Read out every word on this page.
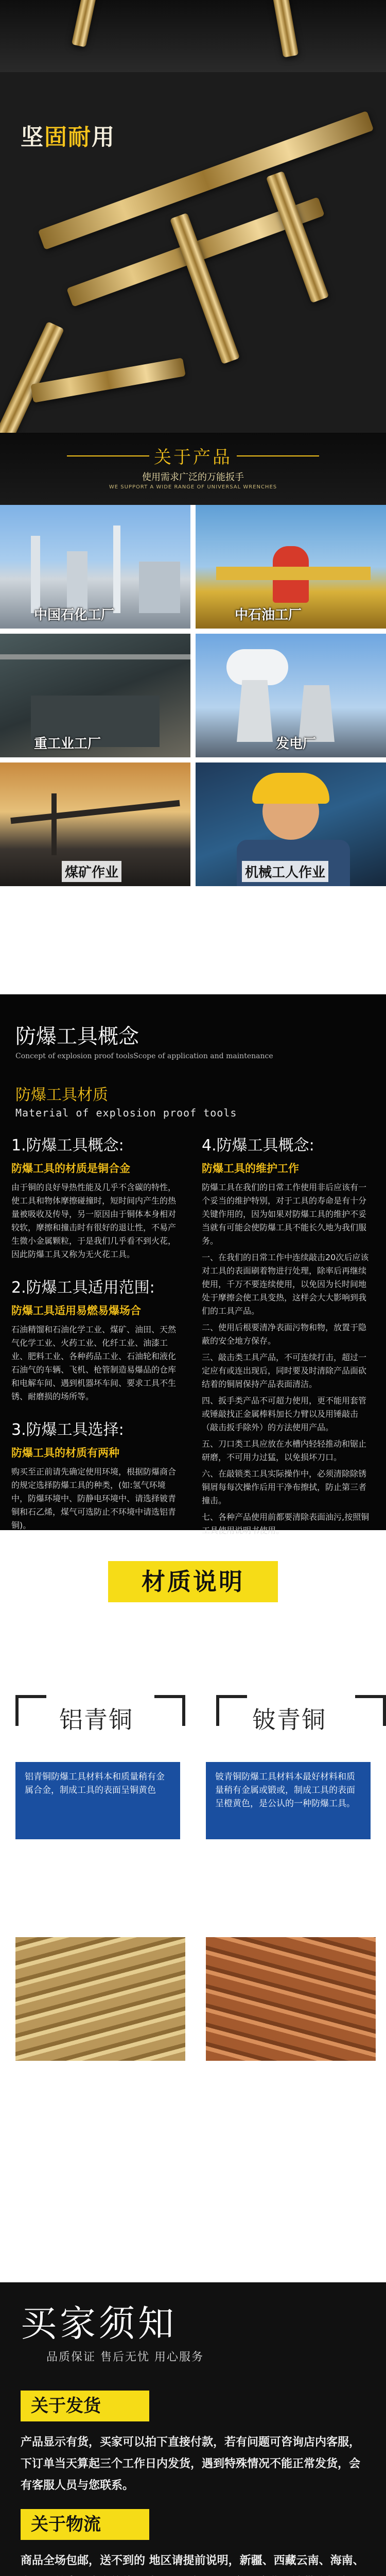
坚固耐用
关于产品
使用需求广泛的万能扳手
WE SUPPORT A WIDE RANGE OF UNIVERSAL WRENCHES
中国石化工厂	中石油工厂
重工业工厂	发电厂
煤矿作业	机械工人作业
防爆工具概念
Concept of explosion proof toolsScope of application and maintenance
防爆工具材质
Material of explosion proof tools
1.防爆工具概念:
防爆工具的材质是铜合金
由于铜的良好导热性能及几乎不含碳的特性，使工具和物体摩擦碰撞时，短时间内产生的热量被吸收及传导，另一原因由于铜体本身相对较软，摩擦和撞击时有很好的退让性，不易产生微小金属颗粒，于是我们几乎看不到火花，因此防爆工具又称为无火花工具。
2.防爆工具适用范围:
防爆工具适用易燃易爆场合
石油精馏和石油化学工业、煤矿、油田、天然气化学工业、火药工业、化纤工业、油漆工业、肥料工业、各种药品工业、石油轮和液化石油气的车辆、飞机、枪管制造易爆品的仓库和电解车间、遇到机器坏车间、要求工具不生锈、耐磨损的场所等。
3.防爆工具选择:
防爆工具的材质有两种
购买至正前请先确定使用环境，根据防爆商合的规定选择防爆工具的种类，(如:氢气环境中，防爆环境中、防静电环境中、请选择铍青铜和石乙烯，煤气可选防止不环境中请选铝青铜)。
4.防爆工具概念:
防爆工具的维护工作
防爆工具在我们的日常工作使用非后应该有一个妥当的维护特别，对于工具的寿命是有十分关键作用的，因为如果对防爆工具的维护不妥当就有可能会使防爆工具不能长久地为我们服务。
一、在我们的日常工作中连续敲击20次后应该对工具的表面刷着物进行处理，除率后再继续使用，千万不要连续使用，以免因为长时间地处于摩擦会使工具变热，这样会大大影响到我们的工具产品。
二、使用后根要清净表面污物和物，放置于隐蔽的安全地方保存。
三、敲击类工具产品，不可连续打击，超过一定应有或连出现后，同时要及时清除产品面砍结着的铜屑保持产品表面清洁。
四、扳手类产品不可超力使用，更不能用套管或锤敲找正金属棒料加长力臂以及用锤敲击（敲击扳手除外）的方法使用产品。
五、刀口类工具应放在水槽内轻轻推动和锯止研磨，不可用力过猛，以免损坏刀口。
六、在敲锁类工具实际操作中，必须清除除锈铜屑每每次操作后用干净布擦拭，防止第三者撞击。
七、各种产品使用前都要清除表面油污,按照铜工具使用说明书使用。
材质说明
铝青铜	铍青铜
铝青铜防爆工具材料本和质量稍有金属合金，制成工具的表面呈铜黄色
铍青铜防爆工具材料本最好材料和质量稍有金属或锻或，制成工具的表面呈橙黄色，是公认的一种防爆工具。
买家须知
品质保证 售后无忧 用心服务
关于发货
产品显示有货，买家可以拍下直接付款，若有问题可咨询店内客服，下订单当天算起三个工作日内发货，遇到特殊情况不能正常发货，会有客服人员与您联系。
关于物流
商品全场包邮，送不到的 地区请提前说明，新疆、西藏云南、海南、
